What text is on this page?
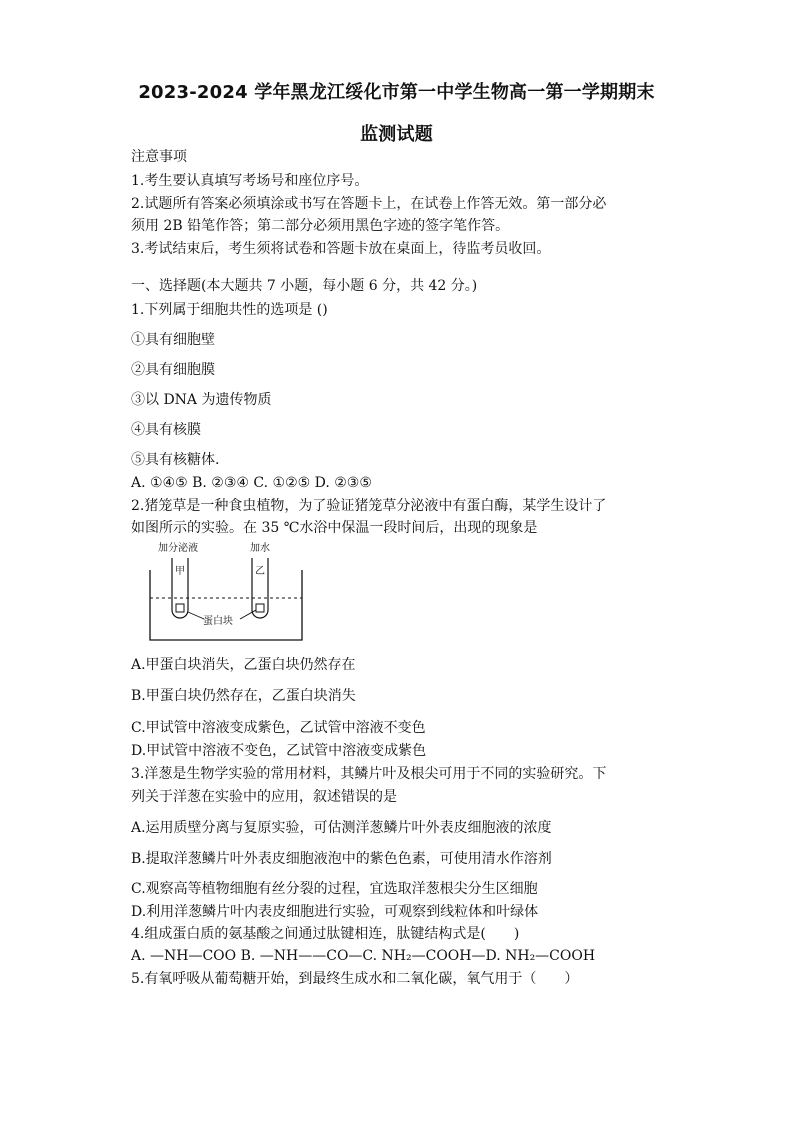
2023-2024 学年黑龙江绥化市第一中学生物高一第一学期期末
监测试题
注意事项
1.考生要认真填写考场号和座位序号。
2.试题所有答案必须填涂或书写在答题卡上，在试卷上作答无效。第一部分必
须用 2B 铅笔作答；第二部分必须用黑色字迹的签字笔作答。
3.考试结束后，考生须将试卷和答题卡放在桌面上，待监考员收回。
一、选择题(本大题共 7 小题，每小题 6 分，共 42 分。)
1.下列属于细胞共性的选项是 ()
①具有细胞壁
②具有细胞膜
③以 DNA 为遗传物质
④具有核膜
⑤具有核糖体.
A. ①④⑤ B. ②③④ C. ①②⑤ D. ②③⑤
2.猪笼草是一种食虫植物，为了验证猪笼草分泌液中有蛋白酶，某学生设计了
如图所示的实验。在 35 ℃水浴中保温一段时间后，出现的现象是
加分泌液	加水
甲	乙
蛋白块
A.甲蛋白块消失，乙蛋白块仍然存在
B.甲蛋白块仍然存在，乙蛋白块消失
C.甲试管中溶液变成紫色，乙试管中溶液不变色
D.甲试管中溶液不变色，乙试管中溶液变成紫色
3.洋葱是生物学实验的常用材料，其鳞片叶及根尖可用于不同的实验研究。下
列关于洋葱在实验中的应用，叙述错误的是
A.运用质壁分离与复原实验，可估测洋葱鳞片叶外表皮细胞液的浓度
B.提取洋葱鳞片叶外表皮细胞液泡中的紫色色素，可使用清水作溶剂
C.观察高等植物细胞有丝分裂的过程，宜选取洋葱根尖分生区细胞
D.利用洋葱鳞片叶内表皮细胞进行实验，可观察到线粒体和叶绿体
4.组成蛋白质的氨基酸之间通过肽键相连，肽键结构式是(　　)
A. —NH—COO B. —NH——CO—C. NH₂—COOH—D. NH₂—COOH
5.有氧呼吸从葡萄糖开始，到最终生成水和二氧化碳，氧气用于（　　）
